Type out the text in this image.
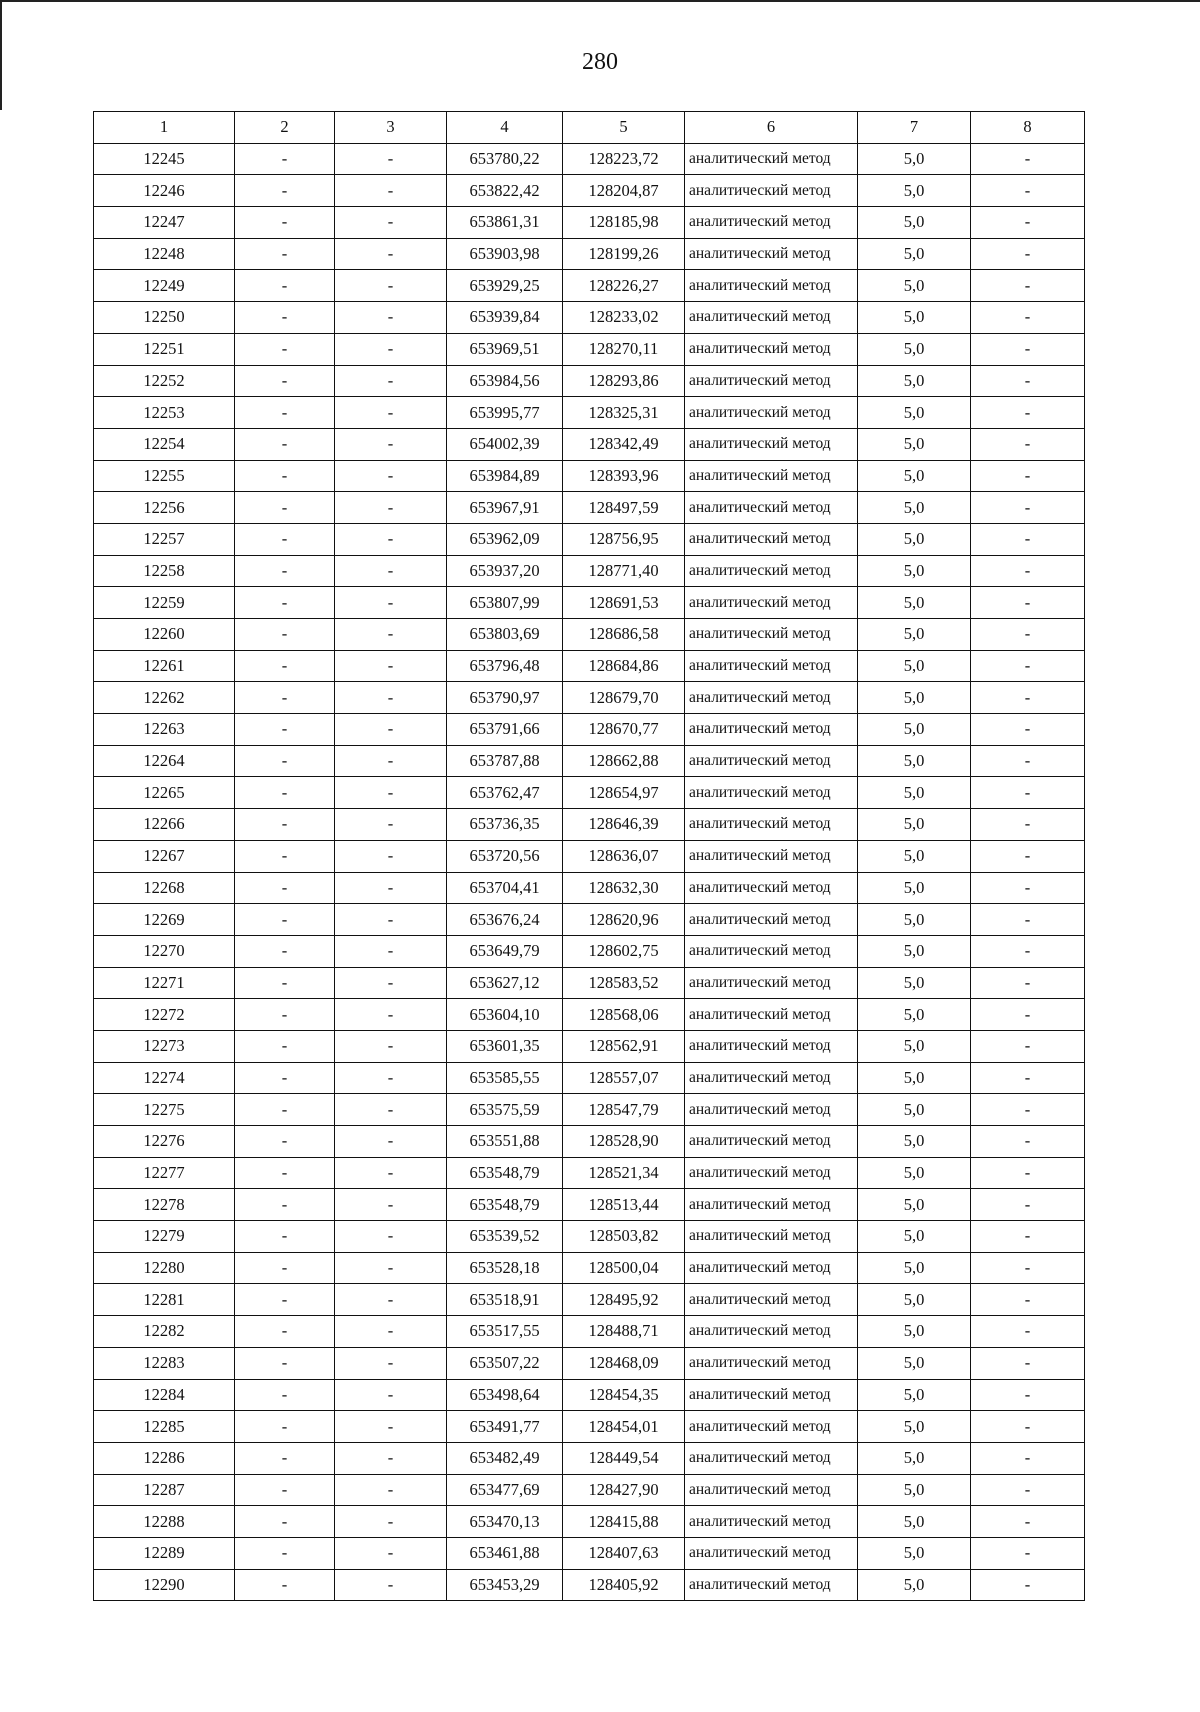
280
1	2	3	4	5	6	7	8
12245	-	-	653780,22	128223,72	аналитический метод	5,0	-
12246	-	-	653822,42	128204,87	аналитический метод	5,0	-
12247	-	-	653861,31	128185,98	аналитический метод	5,0	-
12248	-	-	653903,98	128199,26	аналитический метод	5,0	-
12249	-	-	653929,25	128226,27	аналитический метод	5,0	-
12250	-	-	653939,84	128233,02	аналитический метод	5,0	-
12251	-	-	653969,51	128270,11	аналитический метод	5,0	-
12252	-	-	653984,56	128293,86	аналитический метод	5,0	-
12253	-	-	653995,77	128325,31	аналитический метод	5,0	-
12254	-	-	654002,39	128342,49	аналитический метод	5,0	-
12255	-	-	653984,89	128393,96	аналитический метод	5,0	-
12256	-	-	653967,91	128497,59	аналитический метод	5,0	-
12257	-	-	653962,09	128756,95	аналитический метод	5,0	-
12258	-	-	653937,20	128771,40	аналитический метод	5,0	-
12259	-	-	653807,99	128691,53	аналитический метод	5,0	-
12260	-	-	653803,69	128686,58	аналитический метод	5,0	-
12261	-	-	653796,48	128684,86	аналитический метод	5,0	-
12262	-	-	653790,97	128679,70	аналитический метод	5,0	-
12263	-	-	653791,66	128670,77	аналитический метод	5,0	-
12264	-	-	653787,88	128662,88	аналитический метод	5,0	-
12265	-	-	653762,47	128654,97	аналитический метод	5,0	-
12266	-	-	653736,35	128646,39	аналитический метод	5,0	-
12267	-	-	653720,56	128636,07	аналитический метод	5,0	-
12268	-	-	653704,41	128632,30	аналитический метод	5,0	-
12269	-	-	653676,24	128620,96	аналитический метод	5,0	-
12270	-	-	653649,79	128602,75	аналитический метод	5,0	-
12271	-	-	653627,12	128583,52	аналитический метод	5,0	-
12272	-	-	653604,10	128568,06	аналитический метод	5,0	-
12273	-	-	653601,35	128562,91	аналитический метод	5,0	-
12274	-	-	653585,55	128557,07	аналитический метод	5,0	-
12275	-	-	653575,59	128547,79	аналитический метод	5,0	-
12276	-	-	653551,88	128528,90	аналитический метод	5,0	-
12277	-	-	653548,79	128521,34	аналитический метод	5,0	-
12278	-	-	653548,79	128513,44	аналитический метод	5,0	-
12279	-	-	653539,52	128503,82	аналитический метод	5,0	-
12280	-	-	653528,18	128500,04	аналитический метод	5,0	-
12281	-	-	653518,91	128495,92	аналитический метод	5,0	-
12282	-	-	653517,55	128488,71	аналитический метод	5,0	-
12283	-	-	653507,22	128468,09	аналитический метод	5,0	-
12284	-	-	653498,64	128454,35	аналитический метод	5,0	-
12285	-	-	653491,77	128454,01	аналитический метод	5,0	-
12286	-	-	653482,49	128449,54	аналитический метод	5,0	-
12287	-	-	653477,69	128427,90	аналитический метод	5,0	-
12288	-	-	653470,13	128415,88	аналитический метод	5,0	-
12289	-	-	653461,88	128407,63	аналитический метод	5,0	-
12290	-	-	653453,29	128405,92	аналитический метод	5,0	-
